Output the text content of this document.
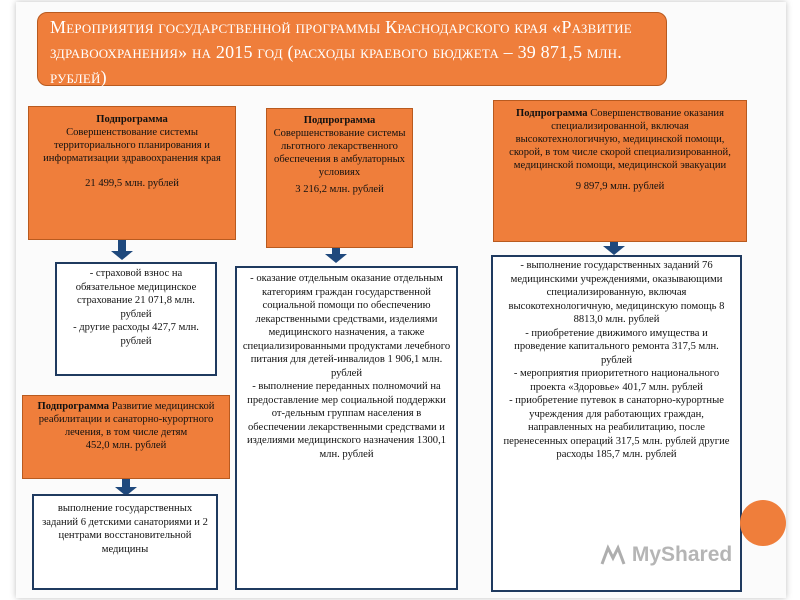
Мероприятия государственной программы Краснодарского края «Развитие здравоохранения» на 2015 год (расходы краевого бюджета – 39 871,5 млн. рублей)
Подпрограмма
Совершенствование системы территориального планирования и информатизации здравоохранения края
21 499,5 млн. рублей

- страховой взнос на обязательное медицинское страхование 21 071,8 млн. рублей

- другие расходы 427,7 млн. рублей

Подпрограмма Развитие медицинской реабилитации и санаторно-курортного лечения, в том числе детям
452,0 млн. рублей

выполнение государственных заданий 6 детскими санаториями и 2 центрами восстановительной медицины

Подпрограмма
Совершенствование системы льготного лекарственного обеспечения в амбулаторных условиях
3 216,2 млн. рублей

- оказание отдельным оказание отдельным категориям граждан государственной социальной помощи по обеспечению лекарственными средствами, изделиями медицинского назначения, а также специализированными продуктами лечебного питания для детей-инвалидов 1 906,1 млн. рублей

- выполнение переданных полномочий на предоставление мер социальной поддержки от-дельным группам населения в обеспечении лекарственными средствами и изделиями медицинского назначения 1300,1 млн. рублей

Подпрограмма Совершенствование оказания специализированной, включая высокотехнологичную, медицинской помощи, скорой, в том числе скорой специализированной, медицинской помощи, медицинской эвакуации
9 897,9 млн. рублей

- выполнение государственных заданий 76 медицинскими учреждениями, оказывающими специализированную, включая высокотехнологичную, медицинскую помощь 8 8813,0 млн. рублей

- приобретение движимого имущества и проведение капитального ремонта 317,5 млн. рублей

- мероприятия приоритетного национального проекта «Здоровье» 401,7 млн. рублей

- приобретение путевок в санаторно-курортные учреждения для работающих граждан, направленных на реабилитацию, после перенесенных операций 317,5 млн. рублей другие расходы 185,7 млн. рублей

MyShared
